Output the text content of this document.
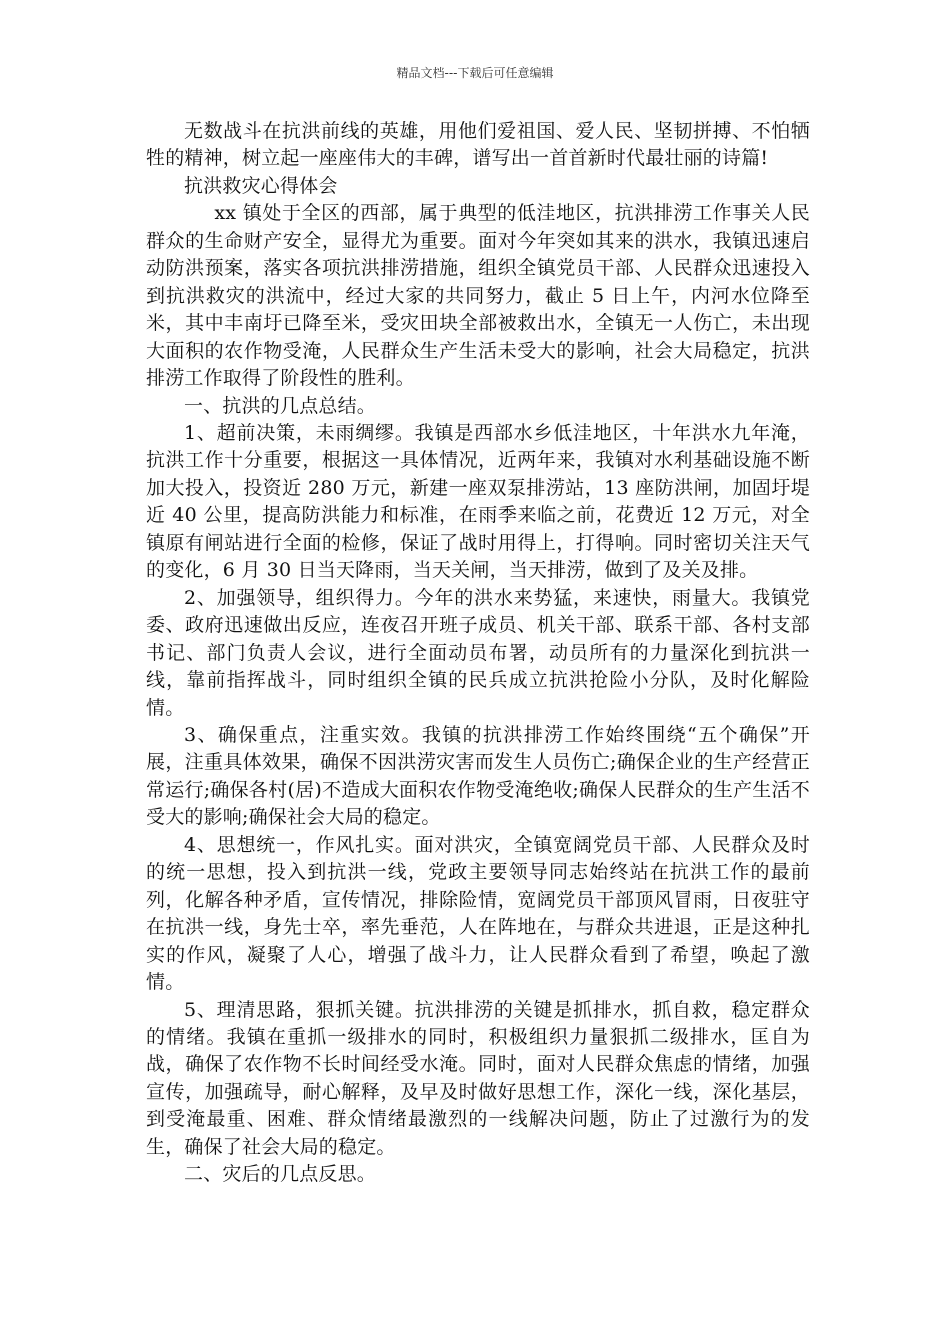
精品文档---下载后可任意编辑

无数战斗在抗洪前线的英雄，用他们爱祖国、爱人民、坚韧拼搏、不怕牺牲的精神，树立起一座座伟大的丰碑，谱写出一首首新时代最壮丽的诗篇!

抗洪救灾心得体会

xx 镇处于全区的西部，属于典型的低洼地区，抗洪排涝工作事关人民群众的生命财产安全，显得尤为重要。面对今年突如其来的洪水，我镇迅速启动防洪预案，落实各项抗洪排涝措施，组织全镇党员干部、人民群众迅速投入到抗洪救灾的洪流中，经过大家的共同努力，截止 5 日上午，内河水位降至米，其中丰南圩已降至米，受灾田块全部被救出水，全镇无一人伤亡，未出现大面积的农作物受淹，人民群众生产生活未受大的影响，社会大局稳定，抗洪排涝工作取得了阶段性的胜利。

一、抗洪的几点总结。

1、超前决策，未雨绸缪。我镇是西部水乡低洼地区，十年洪水九年淹，抗洪工作十分重要，根据这一具体情况，近两年来，我镇对水利基础设施不断加大投入，投资近 280 万元，新建一座双泵排涝站，13 座防洪闸，加固圩堤近 40 公里，提高防洪能力和标准，在雨季来临之前，花费近 12 万元，对全镇原有闸站进行全面的检修，保证了战时用得上，打得响。同时密切关注天气的变化，6 月 30 日当天降雨，当天关闸，当天排涝，做到了及关及排。

2、加强领导，组织得力。今年的洪水来势猛，来速快，雨量大。我镇党委、政府迅速做出反应，连夜召开班子成员、机关干部、联系干部、各村支部书记、部门负责人会议，进行全面动员布署，动员所有的力量深化到抗洪一线，靠前指挥战斗，同时组织全镇的民兵成立抗洪抢险小分队，及时化解险情。

3、确保重点，注重实效。我镇的抗洪排涝工作始终围绕“五个确保”开展，注重具体效果，确保不因洪涝灾害而发生人员伤亡;确保企业的生产经营正常运行;确保各村(居)不造成大面积农作物受淹绝收;确保人民群众的生产生活不受大的影响;确保社会大局的稳定。

4、思想统一，作风扎实。面对洪灾，全镇宽阔党员干部、人民群众及时的统一思想，投入到抗洪一线，党政主要领导同志始终站在抗洪工作的最前列，化解各种矛盾，宣传情况，排除险情，宽阔党员干部顶风冒雨，日夜驻守在抗洪一线，身先士卒，率先垂范，人在阵地在，与群众共进退，正是这种扎实的作风，凝聚了人心，增强了战斗力，让人民群众看到了希望，唤起了激情。

5、理清思路，狠抓关键。抗洪排涝的关键是抓排水，抓自救，稳定群众的情绪。我镇在重抓一级排水的同时，积极组织力量狠抓二级排水，匡自为战，确保了农作物不长时间经受水淹。同时，面对人民群众焦虑的情绪，加强宣传，加强疏导，耐心解释，及早及时做好思想工作，深化一线，深化基层，到受淹最重、困难、群众情绪最激烈的一线解决问题，防止了过激行为的发生，确保了社会大局的稳定。

二、灾后的几点反思。
